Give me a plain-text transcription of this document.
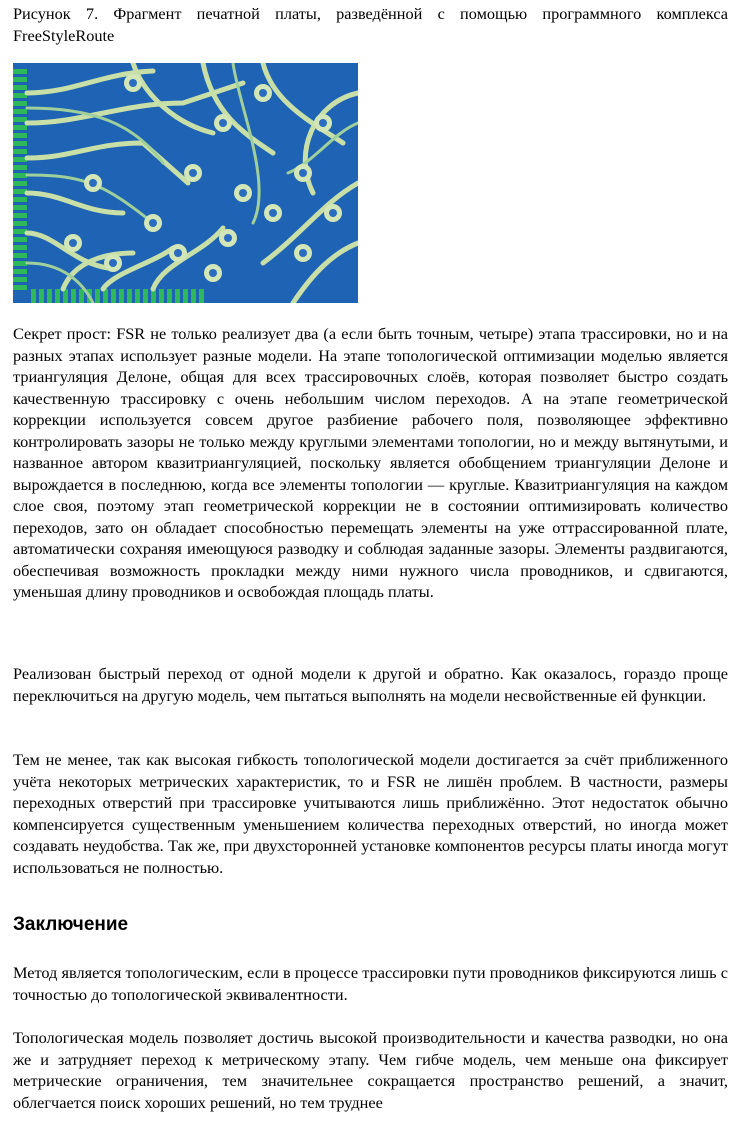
Рисунок 7. Фрагмент печатной платы, разведённой с помощью программного комплекса FreeStyleRoute

Секрет прост: FSR не только реализует два (а если быть точным, четыре) этапа трассировки, но и на разных этапах использует разные модели. На этапе топологической оптимизации моделью является триангуляция Делоне, общая для всех трассировочных слоёв, которая позволяет быстро создать качественную трассировку с очень небольшим числом переходов. А на этапе геометрической коррекции используется совсем другое разбиение рабочего поля, позволяющее эффективно контролировать зазоры не только между круглыми элементами топологии, но и между вытянутыми, и названное автором квазитриангуляцией, поскольку является обобщением триангуляции Делоне и вырождается в последнюю, когда все элементы топологии — круглые. Квазитриангуляция на каждом слое своя, поэтому этап геометрической коррекции не в состоянии оптимизировать количество переходов, зато он обладает способностью перемещать элементы на уже оттрассированной плате, автоматически сохраняя имеющуюся разводку и соблюдая заданные зазоры. Элементы раздвигаются, обеспечивая возможность прокладки между ними нужного числа проводников, и сдвигаются, уменьшая длину проводников и освобождая площадь платы.

Реализован быстрый переход от одной модели к другой и обратно. Как оказалось, гораздо проще переключиться на другую модель, чем пытаться выполнять на модели несвойственные ей функции.

Тем не менее, так как высокая гибкость топологической модели достигается за счёт приближенного учёта некоторых метрических характеристик, то и FSR не лишён проблем. В частности, размеры переходных отверстий при трассировке учитываются лишь приближённо. Этот недостаток обычно компенсируется существенным уменьшением количества переходных отверстий, но иногда может создавать неудобства. Так же, при двухсторонней установке компонентов ресурсы платы иногда могут использоваться не полностью.

Заключение

Метод является топологическим, если в процессе трассировки пути проводников фиксируются лишь с точностью до топологической эквивалентности.

Топологическая модель позволяет достичь высокой производительности и качества разводки, но она же и затрудняет переход к метрическому этапу. Чем гибче модель, чем меньше она фиксирует метрические ограничения, тем значительнее сокращается пространство решений, а значит, облегчается поиск хороших решений, но тем труднее
